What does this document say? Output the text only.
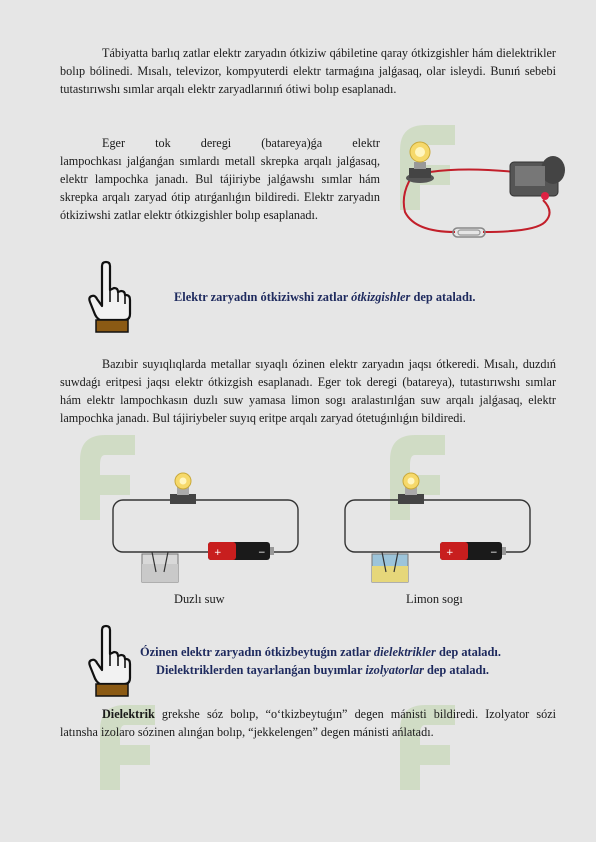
Tábiyatta barlıq zatlar elektr zaryadın ótkiziw qábiletine qaray ótkizgishler hám dielektrikler bolıp bólinedi. Mısalı, televizor, kompyuterdi elektr tarmaǵına jalǵasaq, olar isleydi. Bunıń sebebi tutastırıwshı sımlar arqalı elektr zaryadlarınıń ótiwi bolıp esaplanadı.
Eger tok deregi (batareya)ǵa elektr
lampochkası jalǵanǵan sımlardı metall skrepka arqalı jalǵasaq, elektr lampochka janadı. Bul tájiriybe jalǵawshı sımlar hám skrepka arqalı zaryad ótip atırǵanlıǵın bildiredi. Elektr zaryadın ótkiziwshi zatlar elektr ótkizgishler bolıp esaplanadı.
Elektr zaryadın ótkiziwshi zatlar ótkizgishler dep ataladı.
Bazıbir suyıqlıqlarda metallar sıyaqlı ózinen elektr zaryadın jaqsı ótkeredi. Mısalı, duzdıń suwdaǵı eritpesi jaqsı elektr ótkizgish esaplanadı. Eger tok deregi (batareya), tutastırıwshı sımlar hám elektr lampochkasın duzlı suw yamasa limon sogı aralastırılǵan suw arqalı jalǵasaq, elektr lampochka janadı. Bul tájiriybeler suyıq eritpe arqalı zaryad ótetuǵınlıǵın bildiredi.
+	−
Duzlı suw
+	−
Limon sogı
Ózinen elektr zaryadın ótkizbeytuǵın zatlar dielektrikler dep ataladı.
Dielektriklerden tayarlanǵan buyımlar izolyatorlar dep ataladı.
Dielektrik grekshe sóz bolıp, “o‘tkizbeytuǵın” degen mánisti bildiredi. Izolyator sózi latınsha izolaro sózinen alınǵan bolıp, “jekkelengen” degen mánisti ańlatadı.
